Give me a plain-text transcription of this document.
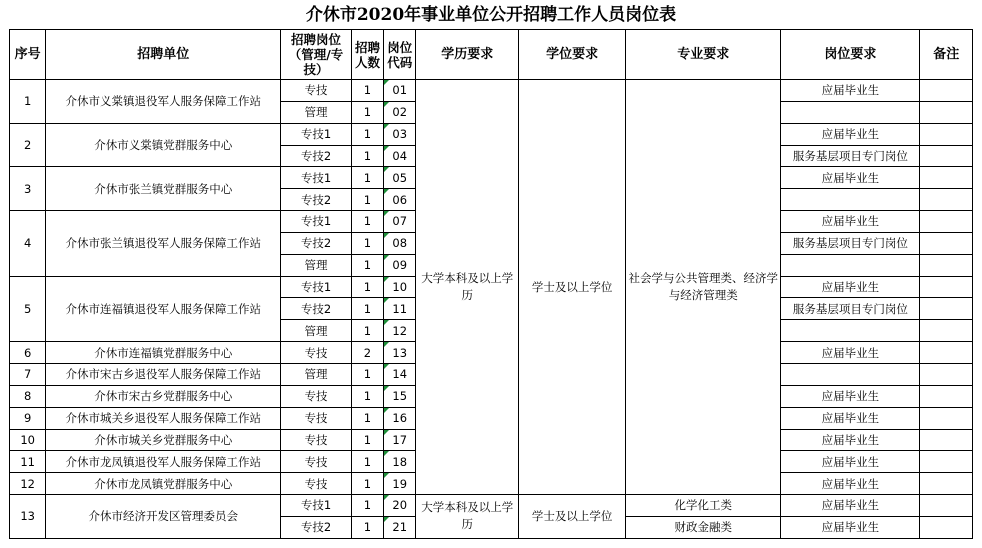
介休市2020年事业单位公开招聘工作人员岗位表
序号	招聘单位	招聘岗位（管理/专技）	招聘人数	岗位代码	学历要求	学位要求	专业要求	岗位要求	备注
1	介休市义棠镇退役军人服务保障工作站	专技	1	01	大学本科及以上学历	学士及以上学位	社会学与公共管理类、经济学与经济管理类	应届毕业生	
		管理	1	02					
2	介休市义棠镇党群服务中心	专技1	1	03				应届毕业生	
		专技2	1	04				服务基层项目专门岗位	
3	介休市张兰镇党群服务中心	专技1	1	05				应届毕业生	
		专技2	1	06					
4	介休市张兰镇退役军人服务保障工作站	专技1	1	07				应届毕业生	
		专技2	1	08				服务基层项目专门岗位	
		管理	1	09					
5	介休市连福镇退役军人服务保障工作站	专技1	1	10				应届毕业生	
		专技2	1	11				服务基层项目专门岗位	
		管理	1	12					
6	介休市连福镇党群服务中心	专技	2	13				应届毕业生	
7	介休市宋古乡退役军人服务保障工作站	管理	1	14					
8	介休市宋古乡党群服务中心	专技	1	15				应届毕业生	
9	介休市城关乡退役军人服务保障工作站	专技	1	16				应届毕业生	
10	介休市城关乡党群服务中心	专技	1	17				应届毕业生	
11	介休市龙凤镇退役军人服务保障工作站	专技	1	18				应届毕业生	
12	介休市龙凤镇党群服务中心	专技	1	19				应届毕业生	
13	介休市经济开发区管理委员会	专技1	1	20	大学本科及以上学历	学士及以上学位	化学化工类	应届毕业生	
		专技2	1	21			财政金融类	应届毕业生	
